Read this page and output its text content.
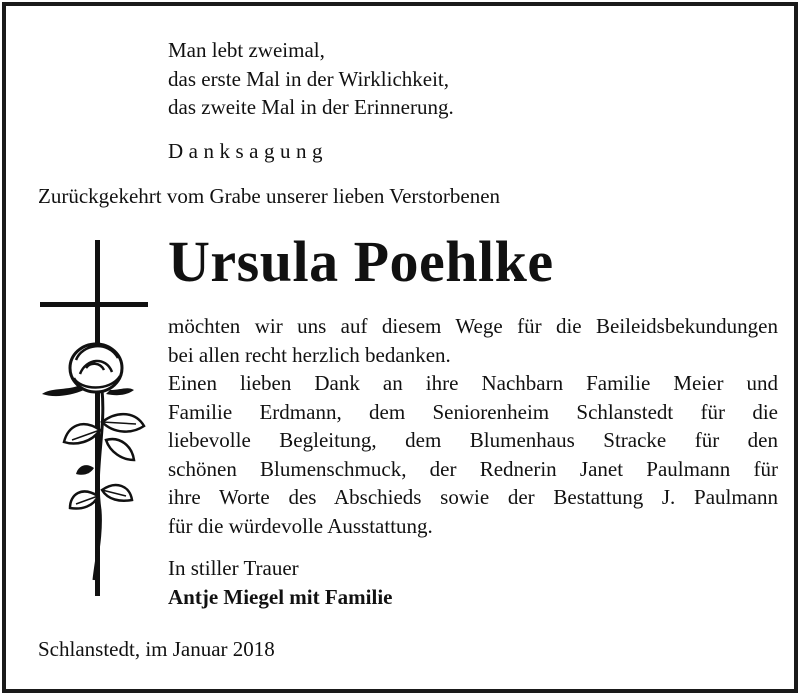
Man lebt zweimal,
das erste Mal in der Wirklichkeit,
das zweite Mal in der Erinnerung.
Danksagung
Zurückgekehrt vom Grabe unserer lieben Verstorbenen
Ursula Poehlke

möchten wir uns auf diesem Wege für die Beileidsbekundungen

bei allen recht herzlich bedanken.

Einen lieben Dank an ihre Nachbarn Familie Meier und

Familie Erdmann, dem Seniorenheim Schlanstedt für die

liebevolle Begleitung, dem Blumenhaus Stracke für den

schönen Blumenschmuck, der Rednerin Janet Paulmann für

ihre Worte des Abschieds sowie der Bestattung J. Paulmann

für die würdevolle Ausstattung.

In stiller Trauer
Antje Miegel mit Familie
Schlanstedt, im Januar 2018
